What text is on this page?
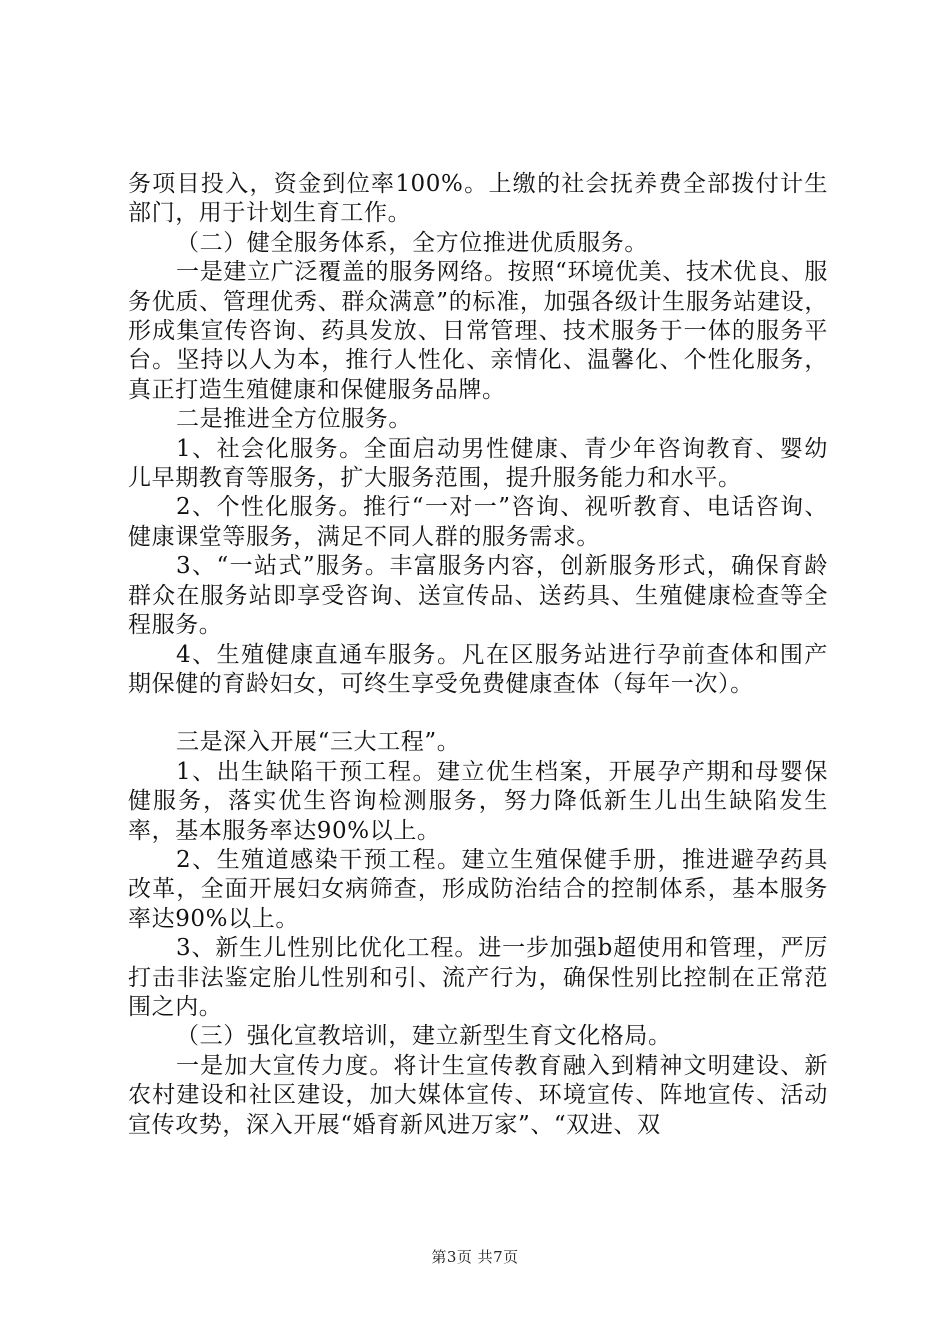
务项目投入，资金到位率100%。上缴的社会抚养费全部拨付计生部门，用于计划生育工作。

（二）健全服务体系，全方位推进优质服务。

一是建立广泛覆盖的服务网络。按照“环境优美、技术优良、服务优质、管理优秀、群众满意”的标准，加强各级计生服务站建设，形成集宣传咨询、药具发放、日常管理、技术服务于一体的服务平台。坚持以人为本，推行人性化、亲情化、温馨化、个性化服务，真正打造生殖健康和保健服务品牌。

二是推进全方位服务。

1、社会化服务。全面启动男性健康、青少年咨询教育、婴幼儿早期教育等服务，扩大服务范围，提升服务能力和水平。

2、个性化服务。推行“一对一”咨询、视听教育、电话咨询、健康课堂等服务，满足不同人群的服务需求。

3、“一站式”服务。丰富服务内容，创新服务形式，确保育龄群众在服务站即享受咨询、送宣传品、送药具、生殖健康检查等全程服务。

4、生殖健康直通车服务。凡在区服务站进行孕前查体和围产期保健的育龄妇女，可终生享受免费健康查体（每年一次）。

三是深入开展“三大工程”。

1、出生缺陷干预工程。建立优生档案，开展孕产期和母婴保健服务，落实优生咨询检测服务，努力降低新生儿出生缺陷发生率，基本服务率达90%以上。

2、生殖道感染干预工程。建立生殖保健手册，推进避孕药具改革，全面开展妇女病筛查，形成防治结合的控制体系，基本服务率达90%以上。

3、新生儿性别比优化工程。进一步加强b超使用和管理，严厉打击非法鉴定胎儿性别和引、流产行为，确保性别比控制在正常范围之内。

（三）强化宣教培训，建立新型生育文化格局。

一是加大宣传力度。将计生宣传教育融入到精神文明建设、新农村建设和社区建设，加大媒体宣传、环境宣传、阵地宣传、活动宣传攻势，深入开展“婚育新风进万家”、“双进、双

第3页 共7页
